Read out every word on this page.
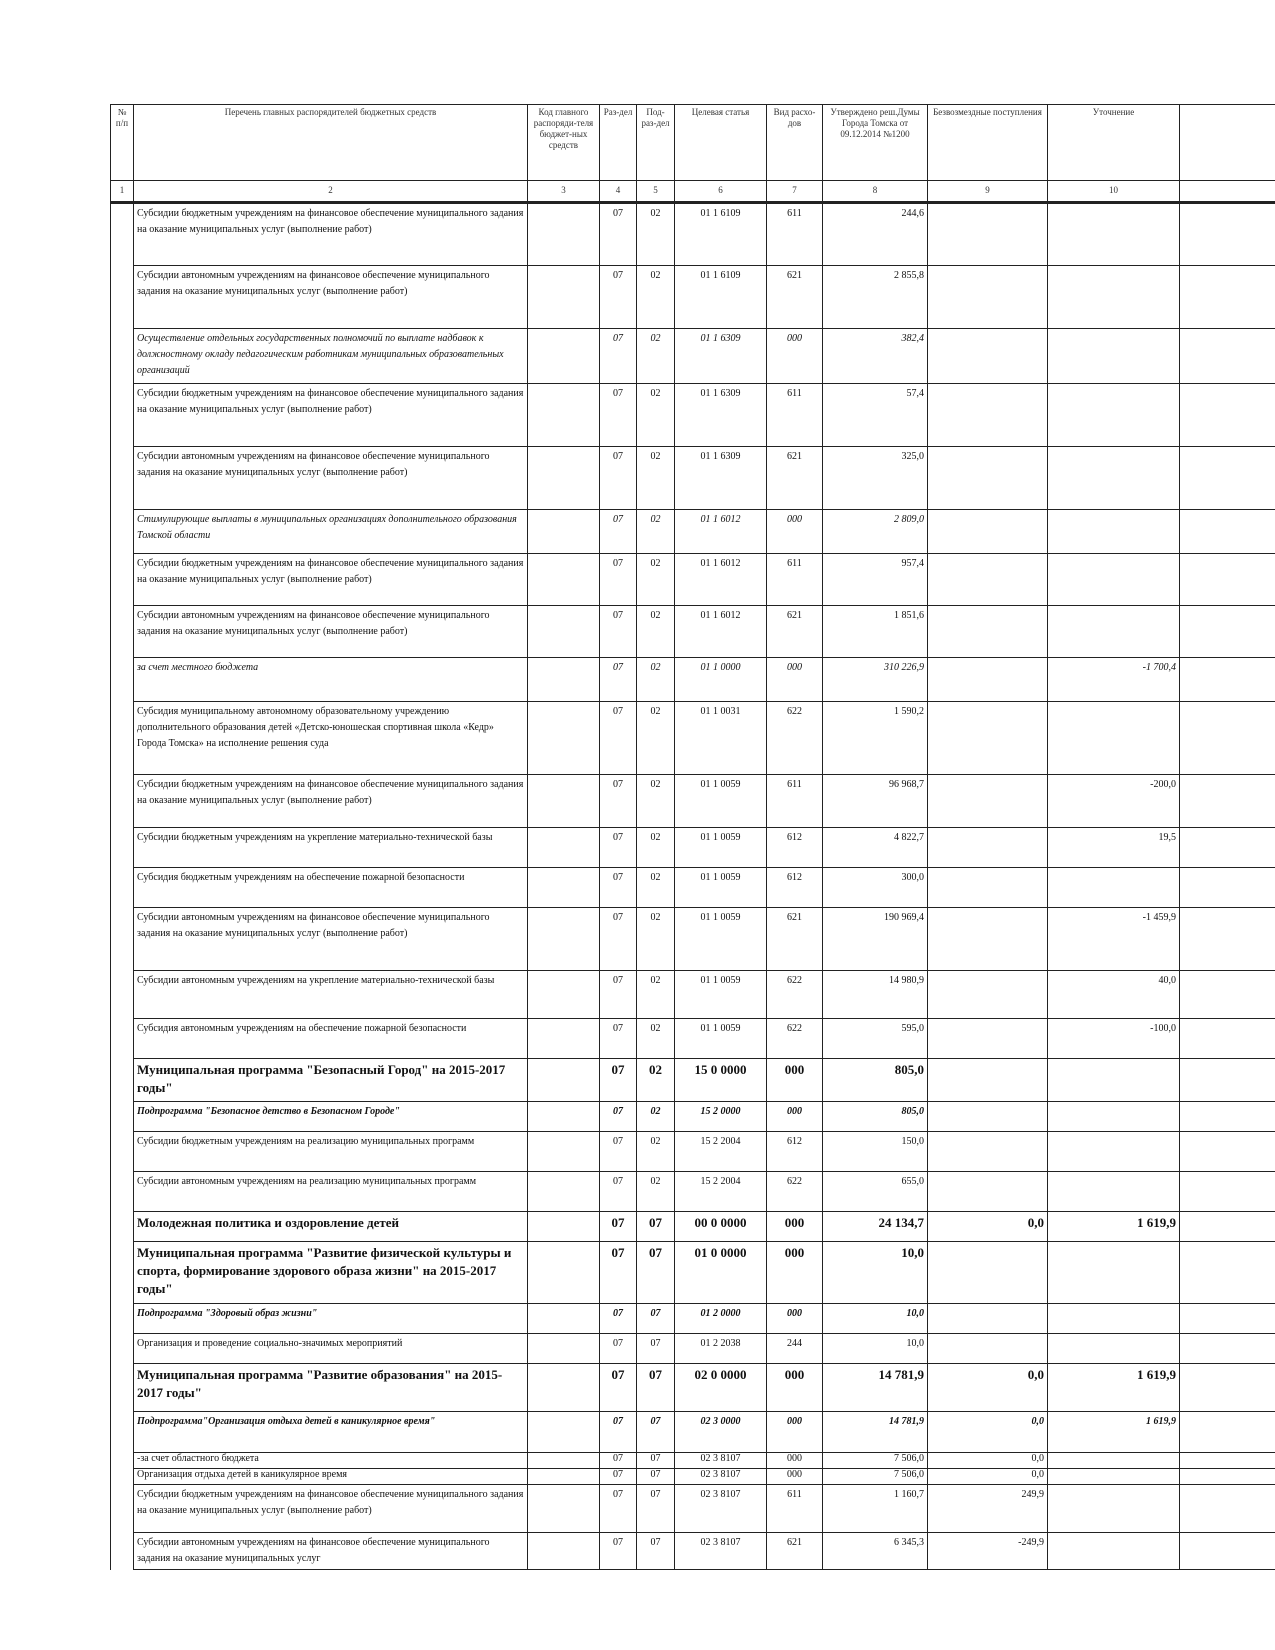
№ п/п	Перечень главных распорядителей бюджетных средств	Код главного распоряди-теля бюджет-ных средств	Раз-дел	Под-раз-дел	Целевая статья	Вид расхо-дов	Утверждено реш.Думы Города Томска от 09.12.2014 №1200	Безвозмездные поступления	Уточнение	
1	2	3	4	5	6	7	8	9	10	
	Субсидии бюджетным учреждениям на финансовое обеспечение муниципального задания на оказание муниципальных услуг (выполнение работ)		07	02	01 1 6109	611	244,6			
	Субсидии автономным учреждениям на финансовое обеспечение муниципального задания на оказание муниципальных услуг (выполнение работ)		07	02	01 1 6109	621	2 855,8			
	Осуществление отдельных государственных полномочий по выплате надбавок к должностному окладу педагогическим работникам муниципальных образовательных организаций		07	02	01 1 6309	000	382,4			
	Субсидии бюджетным учреждениям на финансовое обеспечение муниципального задания на оказание муниципальных услуг (выполнение работ)		07	02	01 1 6309	611	57,4			
	Субсидии автономным учреждениям на финансовое обеспечение муниципального задания на оказание муниципальных услуг (выполнение работ)		07	02	01 1 6309	621	325,0			
	Стимулирующие выплаты в муниципальных организациях дополнительного образования Томской области		07	02	01 1 6012	000	2 809,0			
	Субсидии бюджетным учреждениям на финансовое обеспечение муниципального задания на оказание муниципальных услуг (выполнение работ)		07	02	01 1 6012	611	957,4			
	Субсидии автономным учреждениям на финансовое обеспечение муниципального задания на оказание муниципальных услуг (выполнение работ)		07	02	01 1 6012	621	1 851,6			
	за счет местного бюджета		07	02	01 1 0000	000	310 226,9		-1 700,4	
	Субсидия муниципальному автономному образовательному учреждению дополнительного образования детей «Детско-юношеская спортивная школа «Кедр» Города Томска» на исполнение решения суда		07	02	01 1 0031	622	1 590,2			
	Субсидии бюджетным учреждениям на финансовое обеспечение муниципального задания на оказание муниципальных услуг (выполнение работ)		07	02	01 1 0059	611	96 968,7		-200,0	
	Субсидии бюджетным учреждениям на укрепление материально-технической базы		07	02	01 1 0059	612	4 822,7		19,5	
	Субсидия бюджетным учреждениям на обеспечение пожарной безопасности		07	02	01 1 0059	612	300,0			
	Субсидии автономным учреждениям на финансовое обеспечение муниципального задания на оказание муниципальных услуг (выполнение работ)		07	02	01 1 0059	621	190 969,4		-1 459,9	
	Субсидии автономным учреждениям на укрепление материально-технической базы		07	02	01 1 0059	622	14 980,9		40,0	
	Субсидия автономным учреждениям на обеспечение пожарной безопасности		07	02	01 1 0059	622	595,0		-100,0	
	Муниципальная программа "Безопасный Город" на 2015-2017 годы"		07	02	15 0 0000	000	805,0			
	Подпрограмма "Безопасное детство в Безопасном Городе"		07	02	15 2 0000	000	805,0			
	Субсидии бюджетным учреждениям на реализацию муниципальных программ		07	02	15 2 2004	612	150,0			
	Субсидии автономным учреждениям на реализацию муниципальных программ		07	02	15 2 2004	622	655,0			
	Молодежная политика и оздоровление детей		07	07	00 0 0000	000	24 134,7	0,0	1 619,9	
	Муниципальная программа "Развитие физической культуры и спорта, формирование здорового образа жизни" на 2015-2017 годы"		07	07	01 0 0000	000	10,0			
	Подпрограмма "Здоровый образ жизни"		07	07	01 2 0000	000	10,0			
	Организация и проведение социально-значимых мероприятий		07	07	01 2 2038	244	10,0			
	Муниципальная программа "Развитие образования" на 2015-2017 годы"		07	07	02 0 0000	000	14 781,9	0,0	1 619,9	
	Подпрограмма"Организация отдыха детей в каникулярное время"		07	07	02 3 0000	000	14 781,9	0,0	1 619,9	
	-за счет областного бюджета		07	07	02 3 8107	000	7 506,0	0,0		
	Организация отдыха детей в каникулярное время		07	07	02 3 8107	000	7 506,0	0,0		
	Субсидии бюджетным учреждениям на финансовое обеспечение муниципального задания на оказание муниципальных услуг (выполнение работ)		07	07	02 3 8107	611	1 160,7	249,9		
	Субсидии автономным учреждениям на финансовое обеспечение муниципального задания на оказание муниципальных услуг		07	07	02 3 8107	621	6 345,3	-249,9		
